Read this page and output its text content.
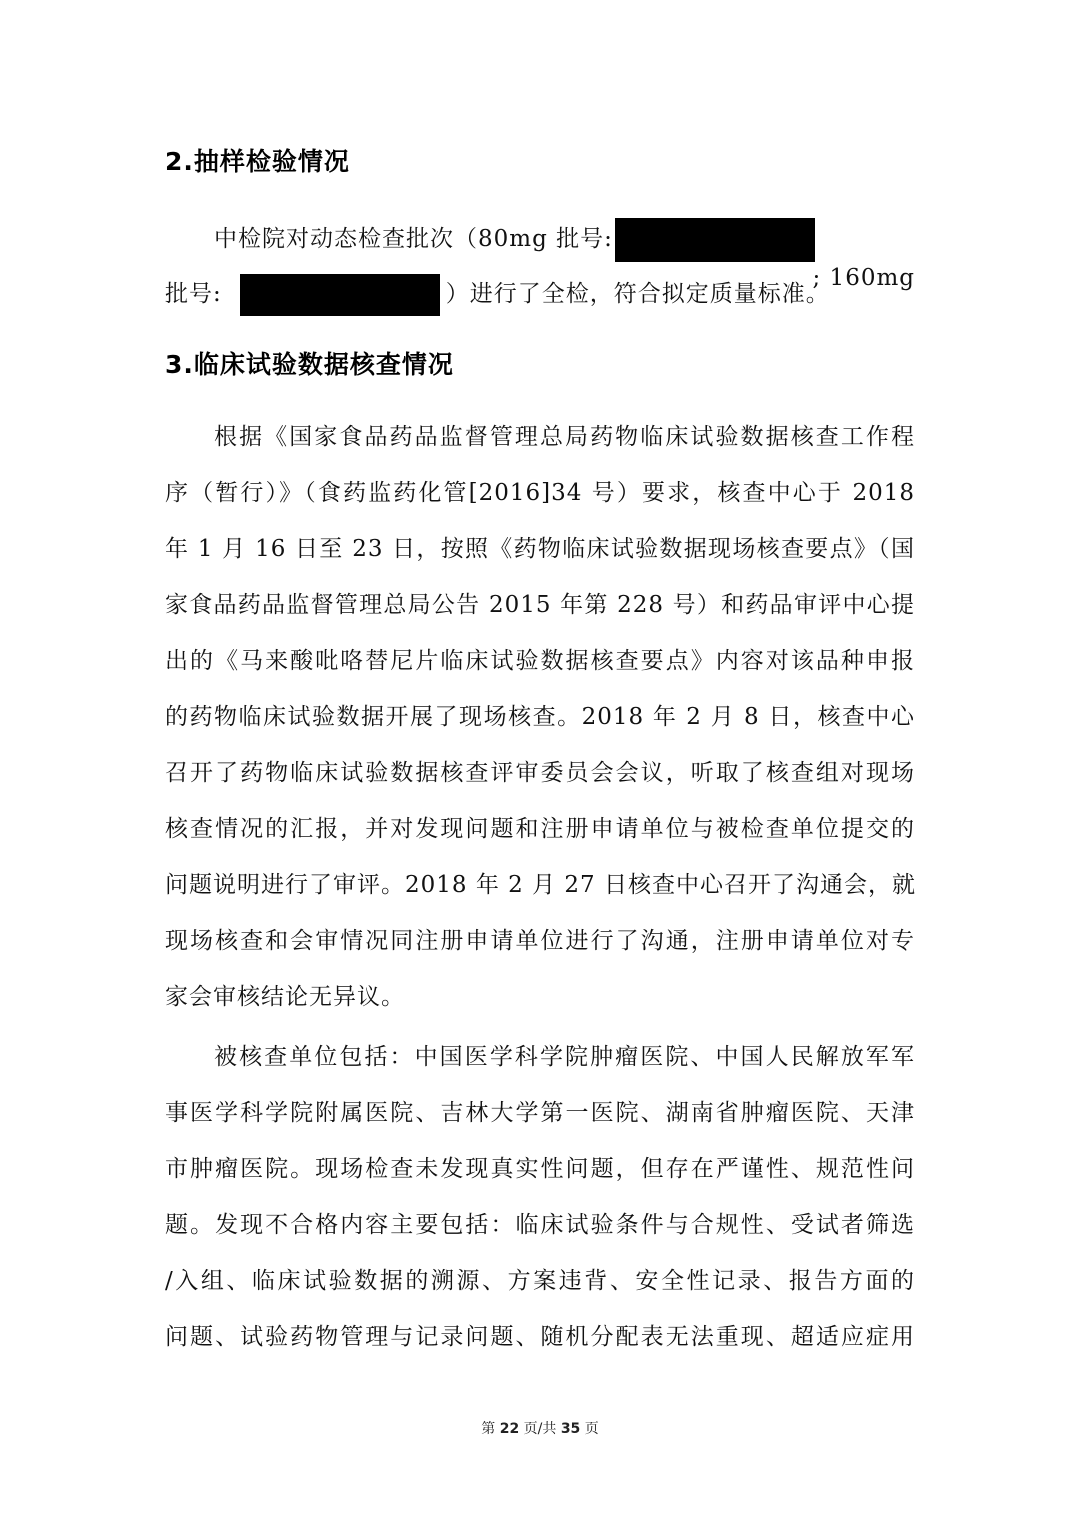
2.抽样检验情况
中检院对动态检查批次（80mg 批号:
; 160mg
批号:	）进行了全检，符合拟定质量标准。
3.临床试验数据核查情况
根据《国家食品药品监督管理总局药物临床试验数据核查工作程
序（暂行）》（食药监药化管[2016]34 号）要求，核查中心于 2018
年 1 月 16 日至 23 日，按照《药物临床试验数据现场核查要点》（国
家食品药品监督管理总局公告 2015 年第 228 号）和药品审评中心提
出的《马来酸吡咯替尼片临床试验数据核查要点》内容对该品种申报
的药物临床试验数据开展了现场核查。2018 年 2 月 8 日，核查中心
召开了药物临床试验数据核查评审委员会会议，听取了核查组对现场
核查情况的汇报，并对发现问题和注册申请单位与被检查单位提交的
问题说明进行了审评。2018 年 2 月 27 日核查中心召开了沟通会，就
现场核查和会审情况同注册申请单位进行了沟通，注册申请单位对专
家会审核结论无异议。
被核查单位包括：中国医学科学院肿瘤医院、中国人民解放军军
事医学科学院附属医院、吉林大学第一医院、湖南省肿瘤医院、天津
市肿瘤医院。现场检查未发现真实性问题，但存在严谨性、规范性问
题。发现不合格内容主要包括：临床试验条件与合规性、受试者筛选
/入组、临床试验数据的溯源、方案违背、安全性记录、报告方面的
问题、试验药物管理与记录问题、随机分配表无法重现、超适应症用
第 22 页/共 35 页
